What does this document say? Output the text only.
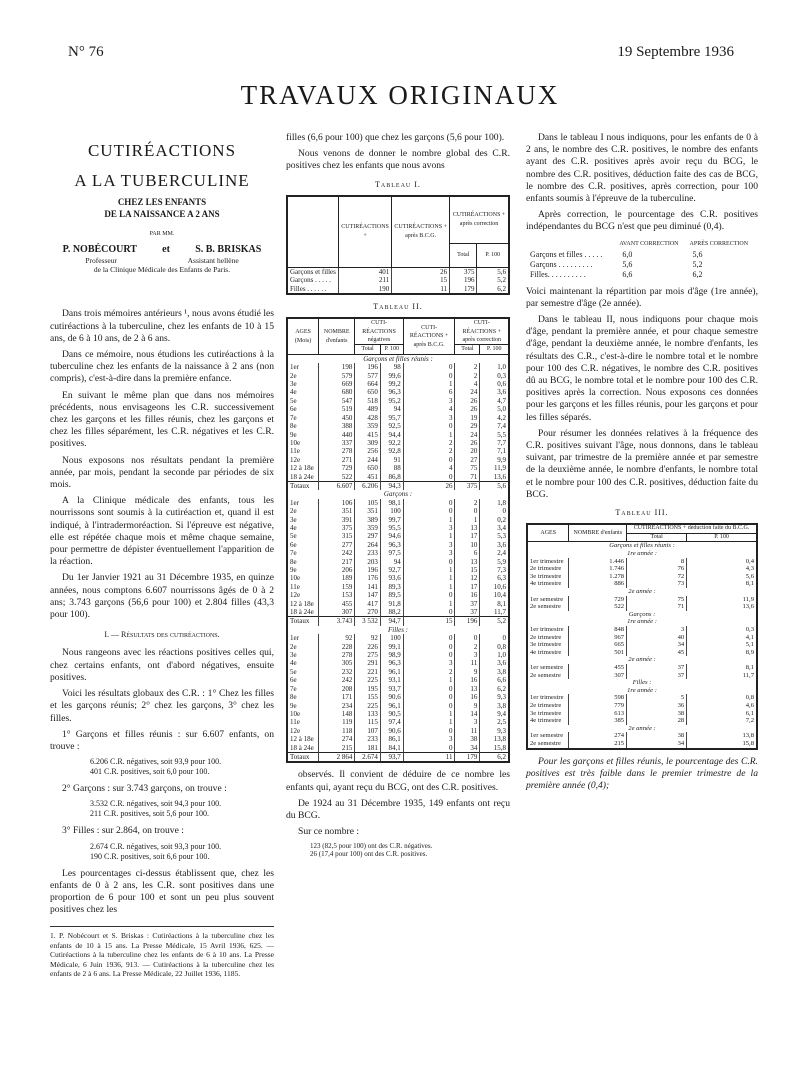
N° 76	19 Septembre 1936
TRAVAUX ORIGINAUX
CUTIRÉACTIONS
A LA TUBERCULINE
CHEZ LES ENFANTS
DE LA NAISSANCE A 2 ANS
PAR MM.
P. NOBÉCOURT	et	S. B. BRISKAS
Professeur	Assistant hellène
de la Clinique Médicale des Enfants de Paris.

Dans trois mémoires antérieurs ¹, nous avons étudié les cutiréactions à la tuberculine, chez les enfants de 10 à 15 ans, de 6 à 10 ans, de 2 à 6 ans.

Dans ce mémoire, nous étudions les cutiréactions à la tuberculine chez les enfants de la naissance à 2 ans (non compris), c'est-à-dire dans la première enfance.

En suivant le même plan que dans nos mémoires précédents, nous envisageons les C.R. successivement chez les garçons et les filles réunis, chez les garçons et chez les filles séparément, les C.R. négatives et les C.R. positives.

Nous exposons nos résultats pendant la première année, par mois, pendant la seconde par périodes de six mois.

A la Clinique médicale des enfants, tous les nourrissons sont soumis à la cutiréaction et, quand il est indiqué, à l'intradermoréaction. Si l'épreuve est négative, elle est répétée chaque mois et même chaque semaine, pour permettre de dépister éventuellement l'apparition de la réaction.

Du 1er Janvier 1921 au 31 Décembre 1935, en quinze années, nous comptons 6.607 nourrissons âgés de 0 à 2 ans; 3.743 garçons (56,6 pour 100) et 2.804 filles (43,3 pour 100).

I. — Résultats des cutiréactions.

Nous rangeons avec les réactions positives celles qui, chez certains enfants, ont d'abord négatives, ensuite positives.

Voici les résultats globaux des C.R. : 1° Chez les filles et les garçons réunis; 2° chez les garçons, 3° chez les filles.

1° Garçons et filles réunis : sur 6.607 enfants, on trouve :

6.206 C.R. négatives, soit 93,9 pour 100.
401 C.R. positives, soit 6,0 pour 100.

2° Garçons : sur 3.743 garçons, on trouve :

3.532 C.R. négatives, soit 94,3 pour 100.
211 C.R. positives, soit 5,6 pour 100.

3° Filles : sur 2.864, on trouve :

2.674 C.R. négatives, soit 93,3 pour 100.
190 C.R. positives, soit 6,6 pour 100.

Les pourcentages ci-dessus établissent que, chez les enfants de 0 à 2 ans, les C.R. sont positives dans une proportion de 6 pour 100 et sont un peu plus souvent positives chez les

1. P. Nobécourt et S. Briskas : Cutiréactions à la tuberculine chez les enfants de 10 à 15 ans. La Presse Médicale, 15 Avril 1936, 625. — Cutiréactions à la tuberculine chez les enfants de 6 à 10 ans. La Presse Médicale, 6 Juin 1936, 913. — Cutiréactions à la tuberculine chez les enfants de 2 à 6 ans. La Presse Médicale, 22 Juillet 1936, 1185.

filles (6,6 pour 100) que chez les garçons (5,6 pour 100).

Nous venons de donner le nombre global des C.R. positives chez les enfants que nous avons

Tableau I.
	CUTIRÉACTIONS +	CUTIRÉACTIONS + après B.C.G.	CUTIRÉACTIONS + après correction	
			Total	P. 100
Garçons et filles	401	26	375	5,6
Garçons . . . . .	211	15	196	5,2
Filles . . . . . .	190	11	179	6,2
Tableau II.
AGES (Mois)	NOMBRE d'enfants	CUTI-RÉACTIONS négatives		CUTI-RÉACTIONS + après B.C.G.	CUTI-RÉACTIONS + après correction	
		Total	P. 100		Total	P. 100
Garçons et filles réunis :						
1er	198	196	98	0	2	1,0
2e	579	577	99,6	0	2	0,3
3e	669	664	99,2	1	4	0,6
4e	680	650	96,3	6	24	3,6
5e	547	518	95,2	3	26	4,7
6e	519	489	94	4	26	5,0
7e	450	428	95,7	3	19	4,2
8e	388	359	92,5	0	29	7,4
9e	440	415	94,4	1	24	5,5
10e	337	309	92,2	2	26	7,7
11e	278	256	92,8	2	20	7,1
12e	271	244	91	0	27	9,9
12 à 18e	729	650	88	4	75	11,9
18 à 24e	522	451	86,8	0	71	13,6
Totaux	6.607	6.206	94,3	26	375	5,6
Garçons :						
1er	106	105	98,1	0	2	1,8
2e	351	351	100	0	0	0
3e	391	389	99,7	1	1	0,2
4e	375	359	95,5	3	13	3,4
5e	315	297	94,6	1	17	5,3
6e	277	264	96,3	3	10	3,6
7e	242	233	97,5	3	6	2,4
8e	217	203	94	0	13	5,9
9e	206	196	92,7	1	15	7,3
10e	189	176	93,6	1	12	6,3
11e	159	141	89,3	1	17	10,6
12e	153	147	89,5	0	16	10,4
12 à 18e	455	417	91,8	1	37	8,1
18 à 24e	307	270	88,2	0	37	11,7
Totaux	3.743	3 532	94,7	15	196	5,2
Filles :						
1er	92	92	100	0	0	0
2e	228	226	99,1	0	2	0,8
3e	278	275	98,9	0	3	1,0
4e	305	291	96,3	3	11	3,6
5e	232	221	96,1	2	9	3,8
6e	242	225	93,1	1	16	6,6
7e	208	195	93,7	0	13	6,2
8e	171	155	90,6	0	16	9,3
9e	234	225	96,1	0	9	3,8
10e	148	133	90,5	1	14	9,4
11e	119	115	97,4	1	3	2,5
12e	118	107	90,6	0	11	9,3
12 à 18e	274	233	86,1	3	38	13,8
18 à 24e	215	181	84,1	0	34	15,8
Totaux	2 864	2.674	93,7	11	179	6,2

observés. Il convient de déduire de ce nombre les enfants qui, ayant reçu du BCG, ont des C.R. positives.

De 1924 au 31 Décembre 1935, 149 enfants ont reçu du BCG.

Sur ce nombre :

123 (82,5 pour 100) ont des C.R. négatives.
26 (17,4 pour 100) ont des C.R. positives.

Dans le tableau I nous indiquons, pour les enfants de 0 à 2 ans, le nombre des C.R. positives, le nombre des enfants ayant des C.R. positives après avoir reçu du BCG, le nombre des C.R. positives, déduction faite des cas de BCG, le nombre des C.R. positives, après correction, pour 100 enfants soumis à l'épreuve de la tuberculine.

Après correction, le pourcentage des C.R. positives indépendantes du BCG n'est que peu diminué (0,4).

	AVANT CORRECTION	APRÈS CORRECTION
Garçons et filles . . . . .	6,0	5,6
Garçons . . . . . . . . .	5,6	5,2
Filles. . . . . . . . . .	6,6	6,2

Voici maintenant la répartition par mois d'âge (1re année), par semestre d'âge (2e année).

Dans le tableau II, nous indiquons pour chaque mois d'âge, pendant la première année, et pour chaque semestre d'âge, pendant la deuxième année, le nombre d'enfants, les résultats des C.R., c'est-à-dire le nombre total et le nombre pour 100 des C.R. négatives, le nombre des C.R. positives dû au BCG, le nombre total et le nombre pour 100 des C.R. positives après la correction. Nous exposons ces données pour les garçons et les filles réunis, pour les garçons et pour les filles séparés.

Pour résumer les données relatives à la fréquence des C.R. positives suivant l'âge, nous donnons, dans le tableau suivant, par trimestre de la première année et par semestre de la deuxième année, le nombre d'enfants, le nombre total et le nombre pour 100 des C.R. positives, déduction faite du BCG.

Tableau III.
AGES	NOMBRE d'enfants	CUTIRÉACTIONS + déduction faite du B.C.G.	
		Total	P. 100
Garçons et filles réunis :			
1re année :			
1er trimestre	1.446	8	0,4
2e trimestre	1.746	76	4,3
3e trimestre	1.278	72	5,6
4e trimestre	886	73	8,1
2e année :			
1er semestre	729	75	11,9
2e semestre	522	71	13,6
Garçons :			
1re année :			
1er trimestre	848	3	0,3
2e trimestre	967	40	4,1
3e trimestre	665	34	5,1
4e trimestre	501	45	8,9
2e année :			
1er semestre	455	37	8,1
2e semestre	307	37	11,7
Filles :			
1re année :			
1er trimestre	598	5	0,8
2e trimestre	779	36	4,6
3e trimestre	613	38	6,1
4e trimestre	385	28	7,2
2e année :			
1er semestre	274	38	13,8
2e semestre	215	34	15,8

Pour les garçons et filles réunis, le pourcentage des C.R. positives est très faible dans le premier trimestre de la première année (0,4);
